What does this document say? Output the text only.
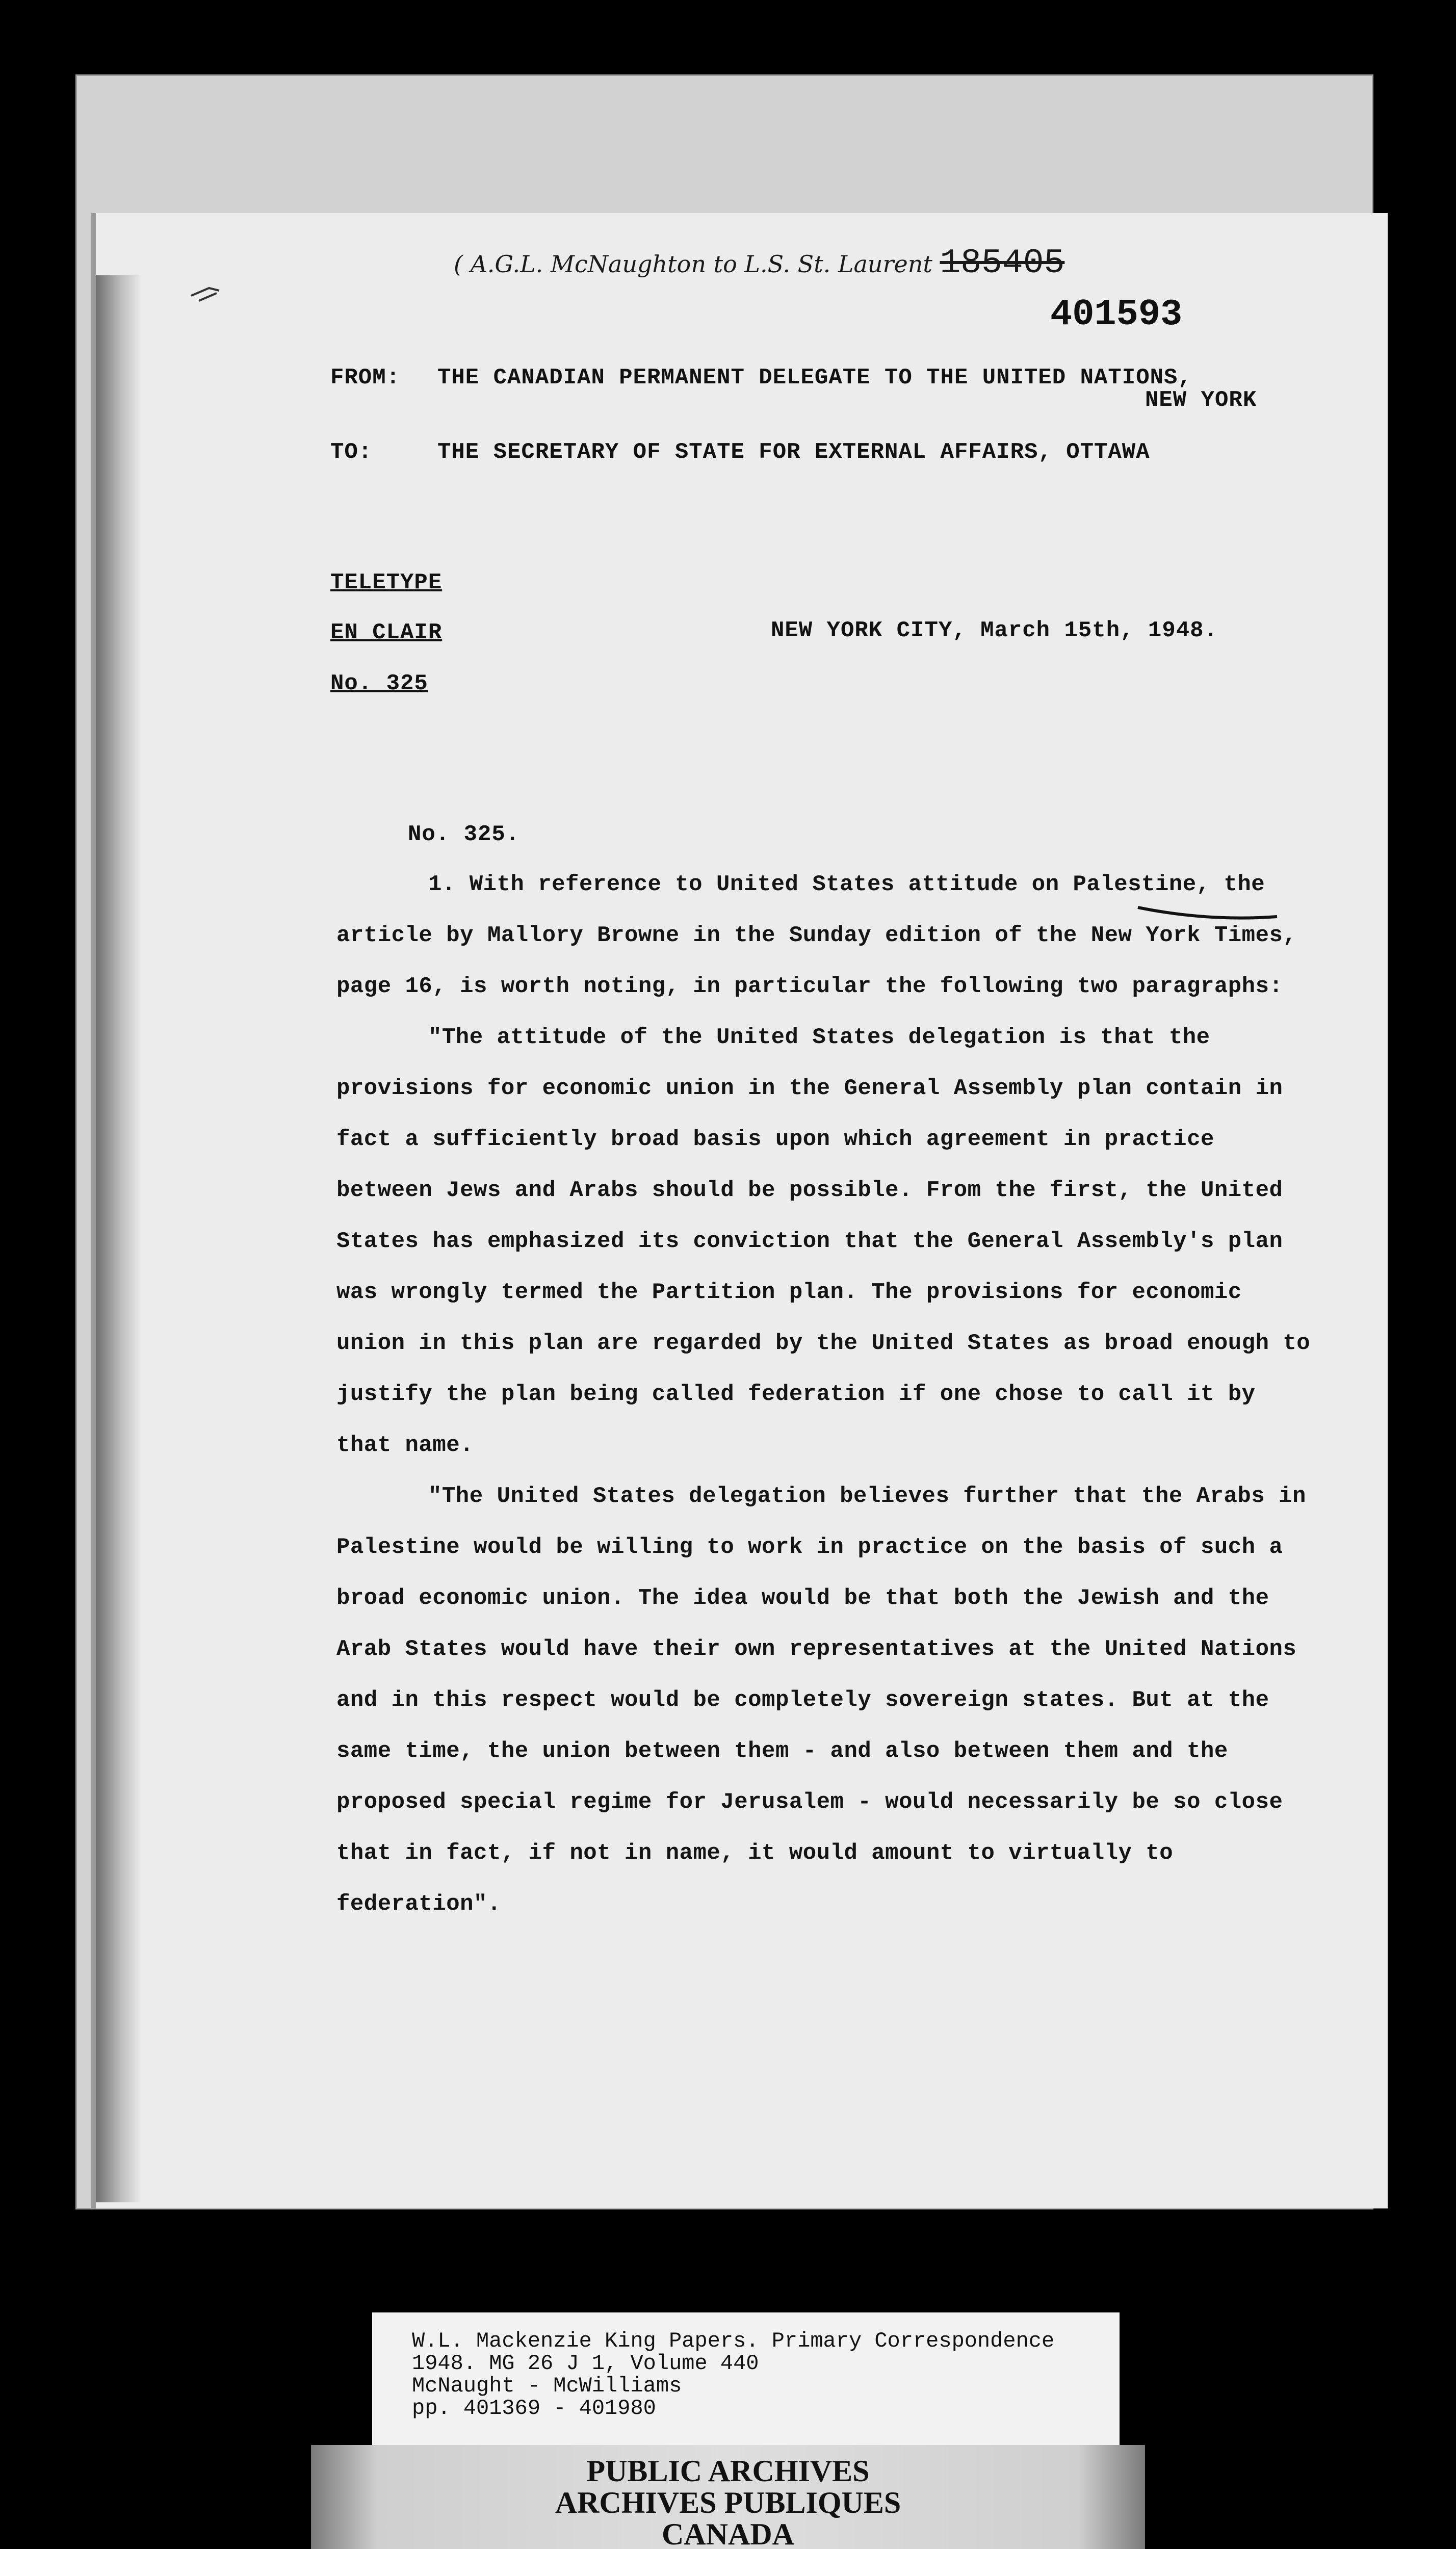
( A.G.L. McNaughton to L.S. St. Laurent 185405
401593
FROM: THE CANADIAN PERMANENT DELEGATE TO THE UNITED NATIONS,
NEW YORK
TO:	THE SECRETARY OF STATE FOR EXTERNAL AFFAIRS, OTTAWA
TELETYPE
EN CLAIR
No. 325
NEW YORK CITY, March 15th, 1948.
No. 325.

1. With reference to United States attitude on Palestine, the article by Mallory Browne in the Sunday edition of the New York Times, page 16, is worth noting, in particular the following two paragraphs:

"The attitude of the United States delegation is that the provisions for economic union in the General Assembly plan contain in fact a sufficiently broad basis upon which agreement in practice between Jews and Arabs should be possible. From the first, the United States has emphasized its conviction that the General Assembly's plan was wrongly termed the Partition plan. The provisions for economic union in this plan are regarded by the United States as broad enough to justify the plan being called federation if one chose to call it by that name.

"The United States delegation believes further that the Arabs in Palestine would be willing to work in practice on the basis of such a broad economic union. The idea would be that both the Jewish and the Arab States would have their own representatives at the United Nations and in this respect would be completely sovereign states. But at the same time, the union between them - and also between them and the proposed special regime for Jerusalem - would necessarily be so close that in fact, if not in name, it would amount to virtually to federation".

W.L. Mackenzie King Papers. Primary Correspondence
1948. MG 26 J 1, Volume 440
McNaught - McWilliams
pp. 401369 - 401980
PUBLIC ARCHIVES
ARCHIVES PUBLIQUES
CANADA
